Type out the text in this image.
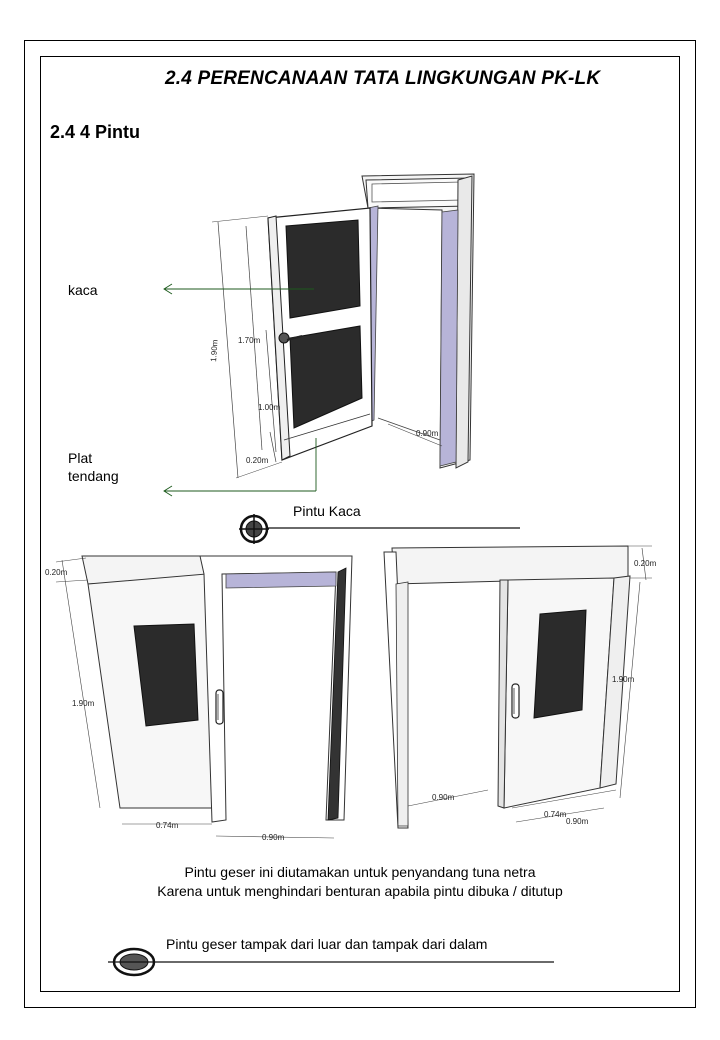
2.4 PERENCANAAN TATA LINGKUNGAN PK-LK
2.4 4 Pintu
1.90m 1.70m
1.00m
0.20m
0.90m
0.20m
1.90m
0.74m
0.90m
0.20m
1.90m
0.90m
0.74m
0.90m
kaca
Plat
tendang
Pintu Kaca
Pintu geser ini diutamakan untuk penyandang tuna netra
Karena untuk menghindari benturan apabila pintu dibuka / ditutup
Pintu geser tampak dari luar dan tampak dari dalam
